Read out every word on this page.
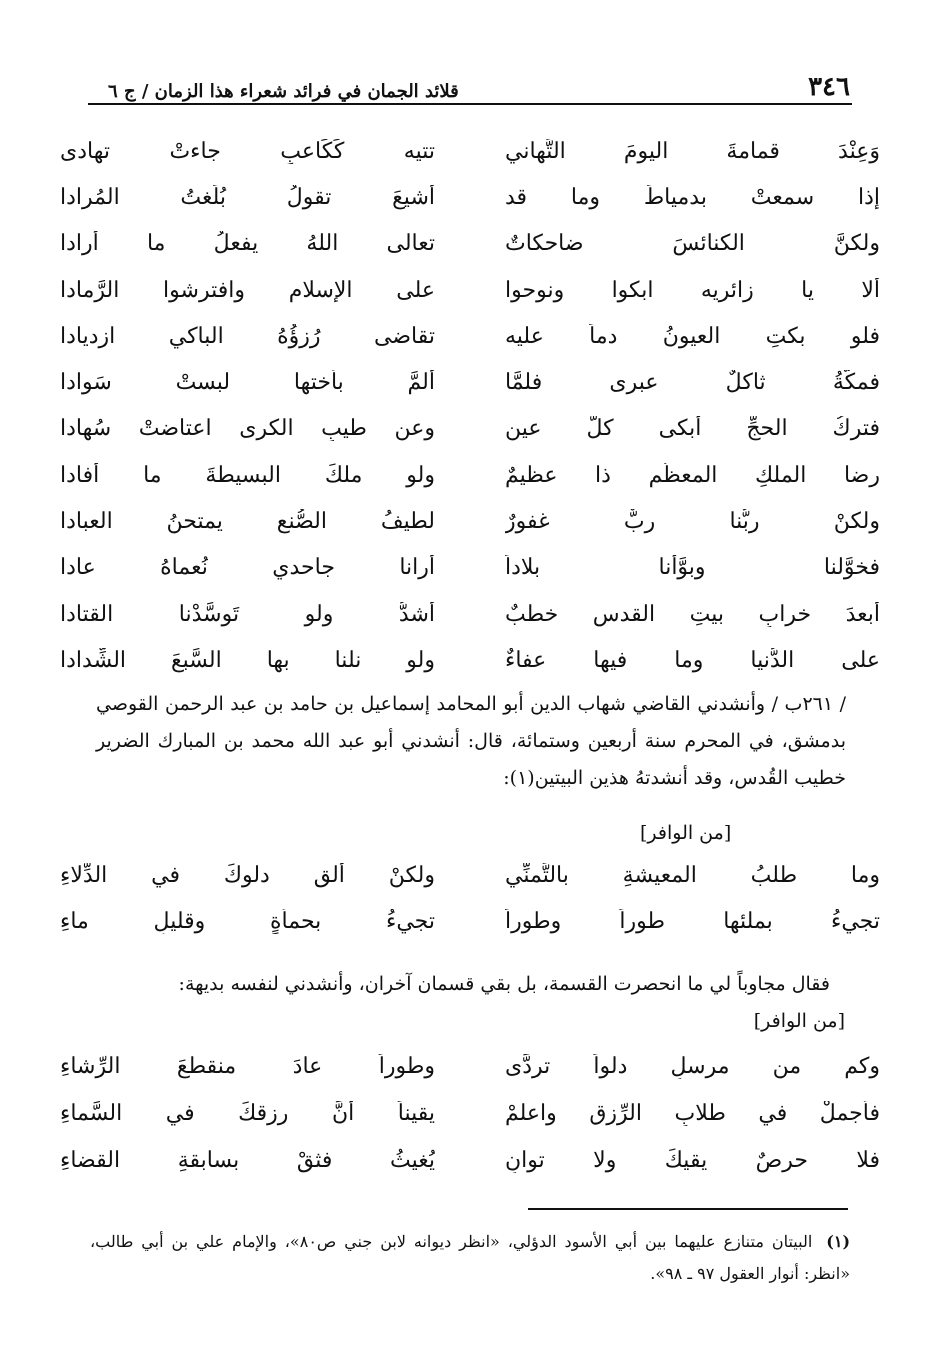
٣٤٦
قلائد الجمان في فرائد شعراء هذا الزمان / ج ٦
وَعِنْدَ قمامةَ اليومَ التَّهاني
تتيه كَكَاعبٍ جاءتْ تهادى
إذا سمعتْ بدمياطَ وما قد
أشيعَ تقولُ بُلِّغتُ المُرادا
ولكنَّ الكنائسَ ضاحكاتٌ
تعالى اللهُ يفعلُ ما أرادا
ألا يا زائريه ابكوا ونوحوا
على الإسلامِ وافترشوا الرَّمادا
فلو بكتِ العيونُ دماً عليه
تقاضى رُزؤُهُ الباكي ازديادا
فمكَّةُ ثاكلٌ عبرى فلمَّا
ألمَّ بأختها لبستْ سَوادا
فتركُ الحجِّ أبكى كلَّ عينٍ
وعن طيبِ الكرى اعتاضتْ سُهادا
رضا الملكِ المعظَّمِ ذا عظيمٌ
ولو ملكَ البسيطةَ ما أفادا
ولكنْ ربُّنا ربٌّ غفورٌ
لطيفُ الصُّنعِ يمتحنُ العبادا
فخوَّلنا وبوَّأنا بلاداً
أرانا جاحدي نُعماهُ عادا
أبعدَ خرابِ بيتِ القدسِ خطبٌ
أشدُّ ولو تَوسَّدْنا القتادا
على الدُّنيا وما فيها عفاءٌ
ولو نلنا بها السَّبعَ الشِّدادا
/ ٢٦١ب / وأنشدني القاضي شهاب الدين أبو المحامد إسماعيل بن حامد بن عبد الرحمن القوصي بدمشق، في المحرم سنة أربعين وستمائة، قال: أنشدني أبو عبد الله محمد بن المبارك الضرير خطيب القُدس، وقد أنشدتهُ هذين البيتين(١):
[من الوافر]
وما طلبُ المعيشةِ بالتَّمنِّي
ولكنْ ألقِ دلوكَ في الدِّلاءِ
تجيءُ بملئها طوراً وطوراً
تجيءُ بحمأةٍ وقليلِ ماءِ
فقال مجاوباً لي ما انحصرت القسمة، بل بقي قسمان آخران، وأنشدني لنفسه بديهة:
[من الوافر]
وكم من مرسلٍ دلواً تردَّى
وطوراً عادَ منقطعَ الرِّشاءِ
فأجملْ في طلابِ الرِّزقِ واعلمْ
يقيناً أنَّ رزقكَ في السَّماءِ
فلا حرصٌ يقيكَ ولا توانٍ
يُغيثُ فثقْ بسابقةِ القضاءِ
(١)البيتان متنازع عليهما بين أبي الأسود الدؤلي، «انظر ديوانه لابن جني ص٨٠»، والإمام علي بن أبي طالب، «انظر: أنوار العقول ٩٧ ـ ٩٨».
